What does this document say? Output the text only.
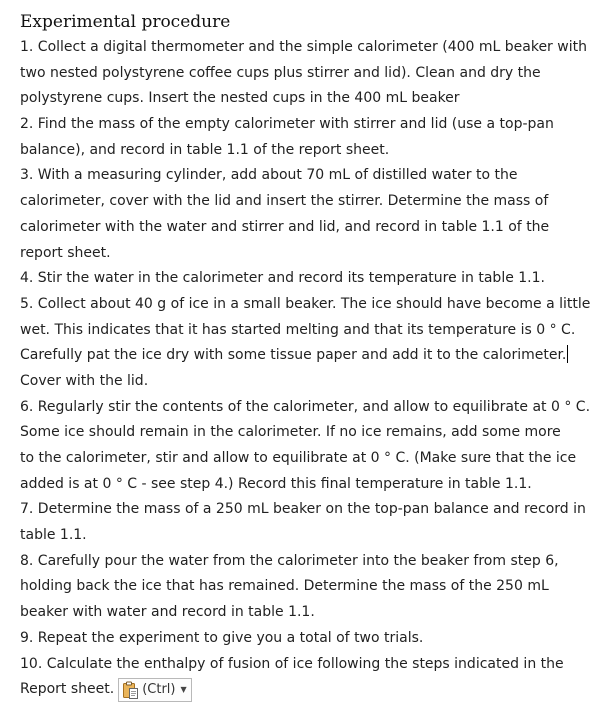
Experimental procedure
1. Collect a digital thermometer and the simple calorimeter (400 mL beaker with
two nested polystyrene coffee cups plus stirrer and lid). Clean and dry the
polystyrene cups. Insert the nested cups in the 400 mL beaker
2. Find the mass of the empty calorimeter with stirrer and lid (use a top-pan
balance), and record in table 1.1 of the report sheet.
3. With a measuring cylinder, add about 70 mL of distilled water to the
calorimeter, cover with the lid and insert the stirrer. Determine the mass of
calorimeter with the water and stirrer and lid, and record in table 1.1 of the
report sheet.
4. Stir the water in the calorimeter and record its temperature in table 1.1.
5. Collect about 40 g of ice in a small beaker. The ice should have become a little
wet. This indicates that it has started melting and that its temperature is 0 ° C.
Carefully pat the ice dry with some tissue paper and add it to the calorimeter.
Cover with the lid.
6. Regularly stir the contents of the calorimeter, and allow to equilibrate at 0 ° C.
Some ice should remain in the calorimeter. If no ice remains, add some more
to the calorimeter, stir and allow to equilibrate at 0 ° C. (Make sure that the ice
added is at 0 ° C - see step 4.) Record this final temperature in table 1.1.
7. Determine the mass of a 250 mL beaker on the top-pan balance and record in
table 1.1.
8. Carefully pour the water from the calorimeter into the beaker from step 6,
holding back the ice that has remained. Determine the mass of the 250 mL
beaker with water and record in table 1.1.
9. Repeat the experiment to give you a total of two trials.
10. Calculate the enthalpy of fusion of ice following the steps indicated in the
Report sheet. (Ctrl) ▼
